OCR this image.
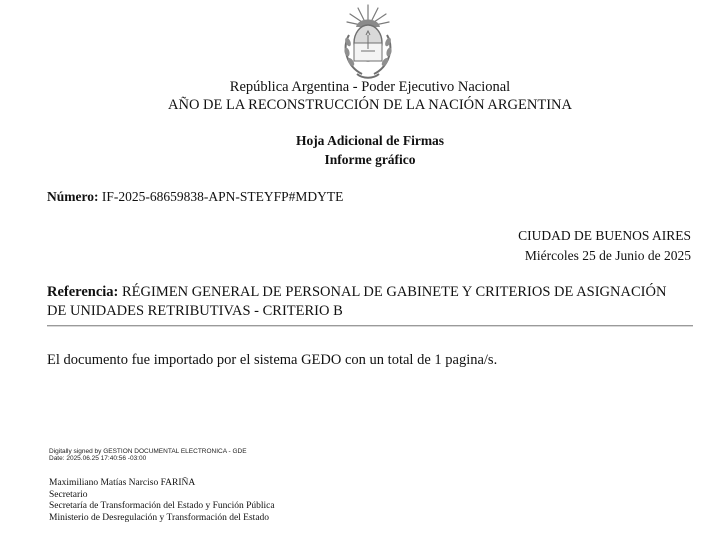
República Argentina - Poder Ejecutivo Nacional
AÑO DE LA RECONSTRUCCIÓN DE LA NACIÓN ARGENTINA
Hoja Adicional de Firmas
Informe gráfico
Número: IF-2025-68659838-APN-STEYFP#MDYTE
CIUDAD DE BUENOS AIRES
Miércoles 25 de Junio de 2025
Referencia: RÉGIMEN GENERAL DE PERSONAL DE GABINETE Y CRITERIOS DE ASIGNACIÓN DE UNIDADES RETRIBUTIVAS - CRITERIO B
El documento fue importado por el sistema GEDO con un total de 1 pagina/s.
Digitally signed by GESTION DOCUMENTAL ELECTRONICA - GDE
Date: 2025.06.25 17:40:56 -03:00
Maximiliano Matías Narciso FARIÑA
Secretario
Secretaría de Transformación del Estado y Función Pública
Ministerio de Desregulación y Transformación del Estado
